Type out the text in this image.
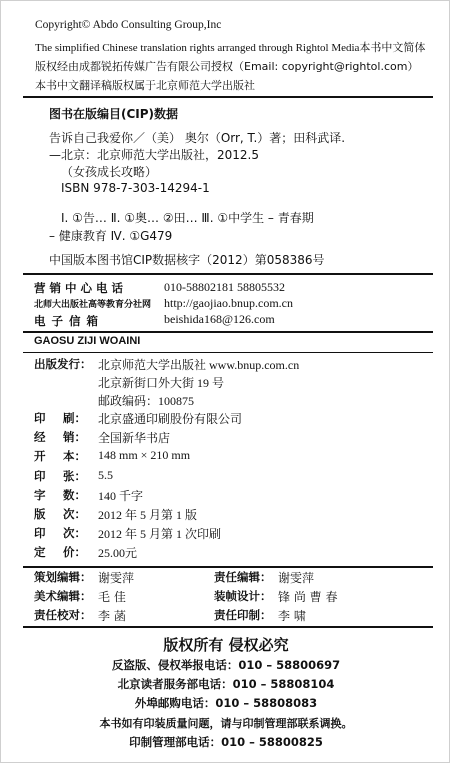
Copyright© Abdo Consulting Group,Inc
The simplified Chinese translation rights arranged through Rightol Media本书中文简体
版权经由成都锐拓传媒广告有限公司授权（Email: copyright@rightol.com）
本书中文翻译稿版权属于北京师范大学出版社
图书在版编目(CIP)数据
告诉自己我爱你／（美） 奥尔（Orr, T.）著；田科武译.
—北京：北京师范大学出版社，2012.5
（女孩成长攻略）
ISBN 978-7-303-14294-1
Ⅰ. ①告… Ⅱ. ①奥… ②田… Ⅲ. ①中学生 – 青春期
– 健康教育 Ⅳ. ①G479
中国版本图书馆CIP数据核字（2012）第058386号
营 销 中 心 电 话	010-58802181 58805532
北师大出版社高等教育分社网 http://gaojiao.bnup.com.cn
电 子 信 箱	beishida168@126.com
GAOSU ZIJI WOAINI
出版发行： 北京师范大学出版社 www.bnup.com.cn
北京新街口外大街 19 号
邮政编码：100875
印 刷： 北京盛通印刷股份有限公司
经 销： 全国新华书店
开 本： 148 mm × 210 mm
印 张： 5.5
字 数： 140 千字
版 次： 2012 年 5 月第 1 版
印 次： 2012 年 5 月第 1 次印刷
定 价： 25.00元
策划编辑： 谢雯萍	责任编辑： 谢雯萍
美术编辑： 毛 佳	装帧设计： 锋 尚 曹 春
责任校对： 李 菡	责任印制： 李 啸
版权所有 侵权必究
反盗版、侵权举报电话：010 – 58800697
北京读者服务部电话：010 – 58808104
外埠邮购电话：010 – 58808083
本书如有印装质量问题，请与印制管理部联系调换。
印制管理部电话：010 – 58800825
